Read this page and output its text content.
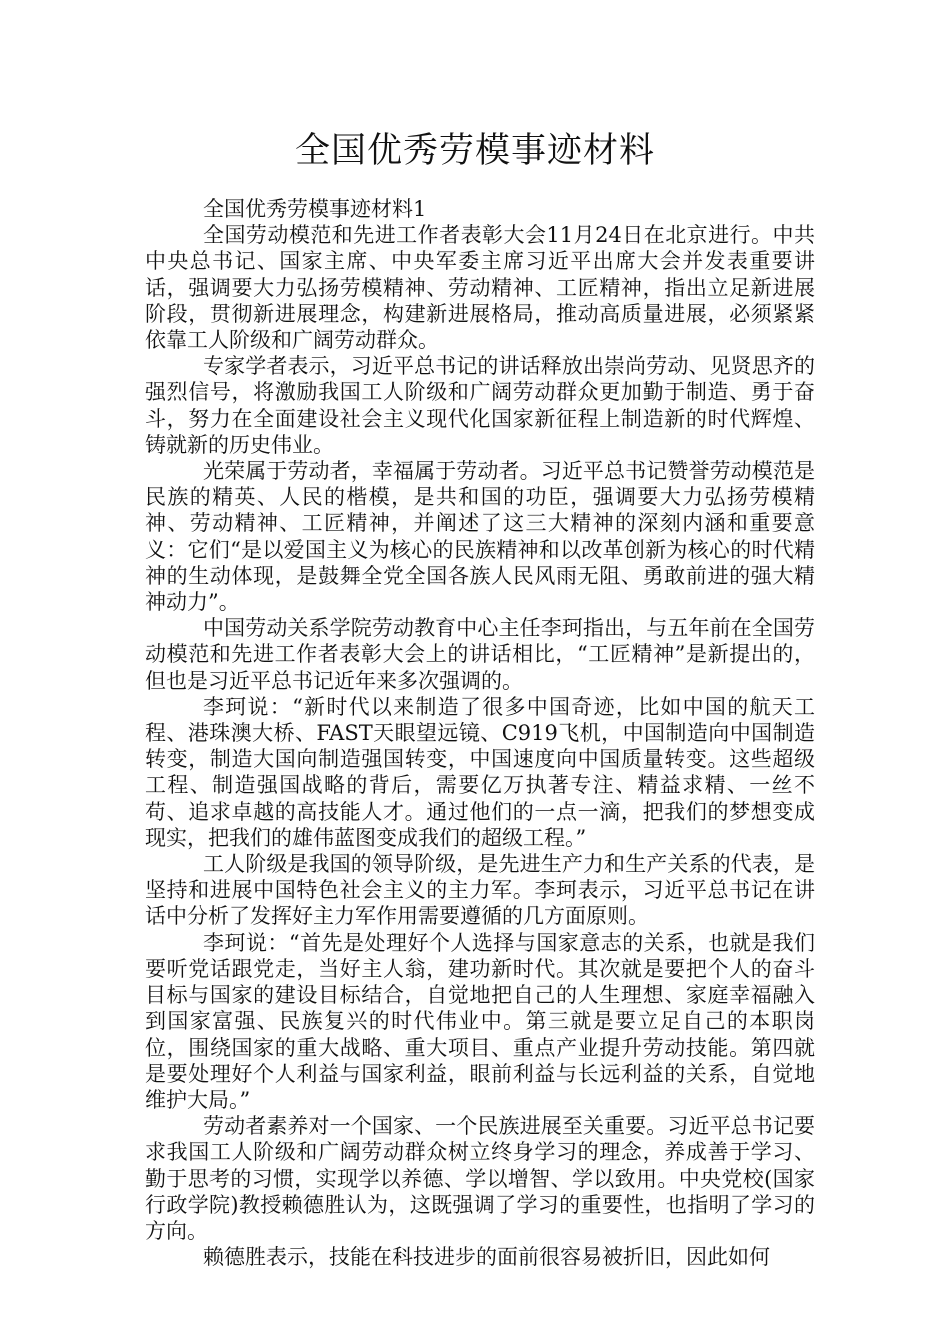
全国优秀劳模事迹材料

全国优秀劳模事迹材料1

全国劳动模范和先进工作者表彰大会11月24日在北京进行。中共中央总书记、国家主席、中央军委主席习近平出席大会并发表重要讲话，强调要大力弘扬劳模精神、劳动精神、工匠精神，指出立足新进展阶段，贯彻新进展理念，构建新进展格局，推动高质量进展，必须紧紧依靠工人阶级和广阔劳动群众。

专家学者表示，习近平总书记的讲话释放出崇尚劳动、见贤思齐的强烈信号，将激励我国工人阶级和广阔劳动群众更加勤于制造、勇于奋斗，努力在全面建设社会主义现代化国家新征程上制造新的时代辉煌、铸就新的历史伟业。

光荣属于劳动者，幸福属于劳动者。习近平总书记赞誉劳动模范是民族的精英、人民的楷模，是共和国的功臣，强调要大力弘扬劳模精神、劳动精神、工匠精神，并阐述了这三大精神的深刻内涵和重要意义：它们“是以爱国主义为核心的民族精神和以改革创新为核心的时代精神的生动体现，是鼓舞全党全国各族人民风雨无阻、勇敢前进的强大精神动力”。

中国劳动关系学院劳动教育中心主任李珂指出，与五年前在全国劳动模范和先进工作者表彰大会上的讲话相比，“工匠精神”是新提出的，但也是习近平总书记近年来多次强调的。

李珂说：“新时代以来制造了很多中国奇迹，比如中国的航天工程、港珠澳大桥、FAST天眼望远镜、C919飞机，中国制造向中国制造转变，制造大国向制造强国转变，中国速度向中国质量转变。这些超级工程、制造强国战略的背后，需要亿万执著专注、精益求精、一丝不苟、追求卓越的高技能人才。通过他们的一点一滴，把我们的梦想变成现实，把我们的雄伟蓝图变成我们的超级工程。”

工人阶级是我国的领导阶级，是先进生产力和生产关系的代表，是坚持和进展中国特色社会主义的主力军。李珂表示，习近平总书记在讲话中分析了发挥好主力军作用需要遵循的几方面原则。

李珂说：“首先是处理好个人选择与国家意志的关系，也就是我们要听党话跟党走，当好主人翁，建功新时代。其次就是要把个人的奋斗目标与国家的建设目标结合，自觉地把自己的人生理想、家庭幸福融入到国家富强、民族复兴的时代伟业中。第三就是要立足自己的本职岗位，围绕国家的重大战略、重大项目、重点产业提升劳动技能。第四就是要处理好个人利益与国家利益，眼前利益与长远利益的关系，自觉地维护大局。”

劳动者素养对一个国家、一个民族进展至关重要。习近平总书记要求我国工人阶级和广阔劳动群众树立终身学习的理念，养成善于学习、勤于思考的习惯，实现学以养德、学以增智、学以致用。中央党校(国家行政学院)教授赖德胜认为，这既强调了学习的重要性，也指明了学习的方向。

赖德胜表示，技能在科技进步的面前很容易被折旧，因此如何
